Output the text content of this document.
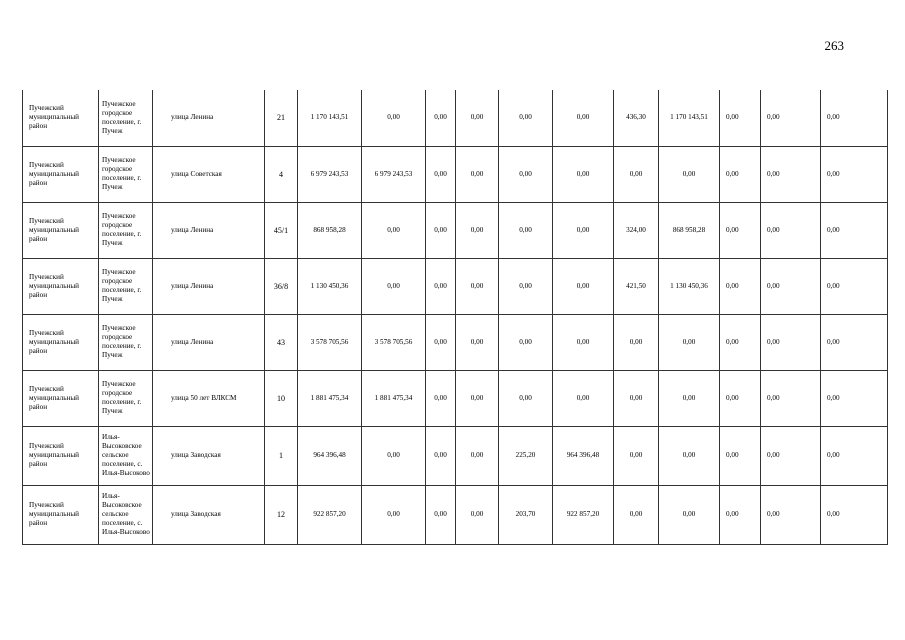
263
Пучежский муниципальный район	Пучежское городское поселение, г. Пучеж	улица Ленина	21	1 170 143,51	0,00	0,00	0,00	0,00	0,00	436,30	1 170 143,51	0,00	0,00	0,00
Пучежский муниципальный район	Пучежское городское поселение, г. Пучеж	улица Советская	4	6 979 243,53	6 979 243,53	0,00	0,00	0,00	0,00	0,00	0,00	0,00	0,00	0,00
Пучежский муниципальный район	Пучежское городское поселение, г. Пучеж	улица Ленина	45/1	868 958,28	0,00	0,00	0,00	0,00	0,00	324,00	868 958,28	0,00	0,00	0,00
Пучежский муниципальный район	Пучежское городское поселение, г. Пучеж	улица Ленина	36/8	1 130 450,36	0,00	0,00	0,00	0,00	0,00	421,50	1 130 450,36	0,00	0,00	0,00
Пучежский муниципальный район	Пучежское городское поселение, г. Пучеж	улица Ленина	43	3 578 705,56	3 578 705,56	0,00	0,00	0,00	0,00	0,00	0,00	0,00	0,00	0,00
Пучежский муниципальный район	Пучежское городское поселение, г. Пучеж	улица 50 лет ВЛКСМ	10	1 881 475,34	1 881 475,34	0,00	0,00	0,00	0,00	0,00	0,00	0,00	0,00	0,00
Пучежский муниципальный район	Илья-Высоковское сельское поселение, с. Илья-Высоково	улица Заводская	1	964 396,48	0,00	0,00	0,00	225,20	964 396,48	0,00	0,00	0,00	0,00	0,00
Пучежский муниципальный район	Илья-Высоковское сельское поселение, с. Илья-Высоково	улица Заводская	12	922 857,20	0,00	0,00	0,00	203,70	922 857,20	0,00	0,00	0,00	0,00	0,00
